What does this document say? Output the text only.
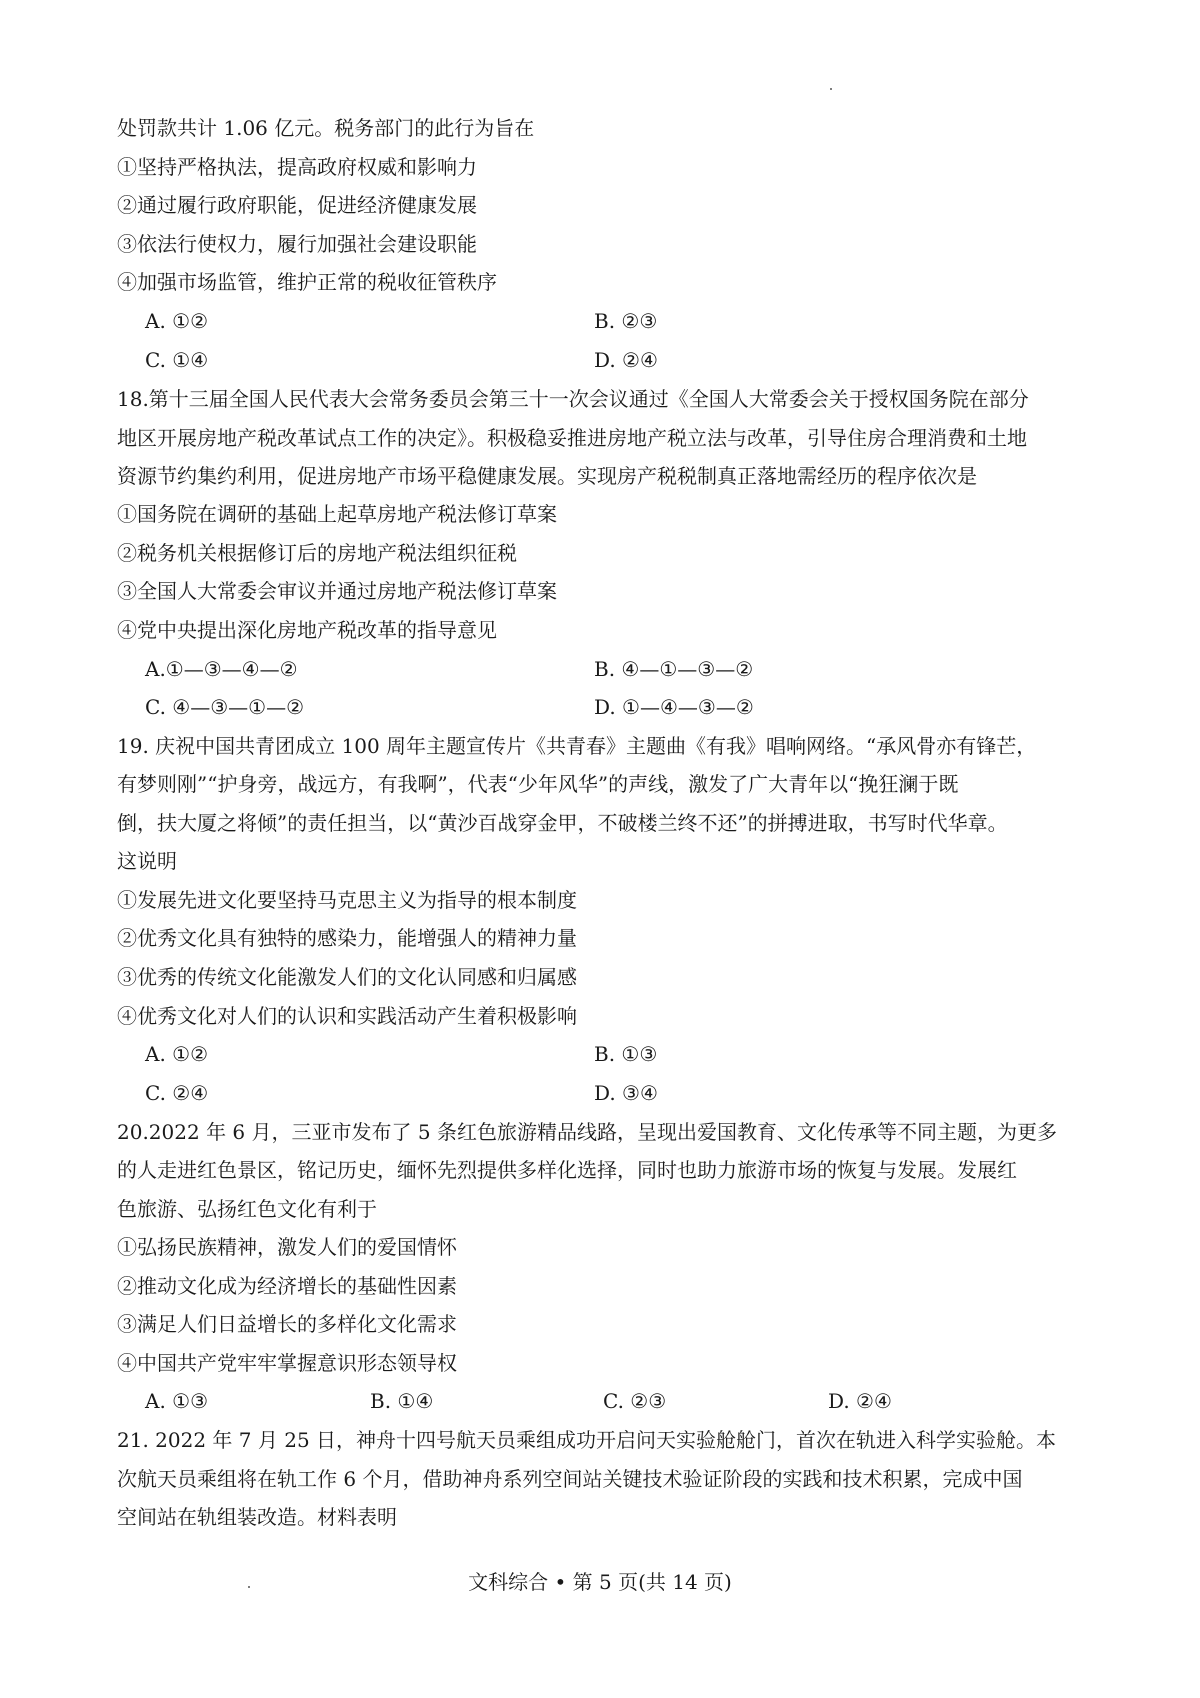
处罚款共计 1.06 亿元。税务部门的此行为旨在
①坚持严格执法，提高政府权威和影响力
②通过履行政府职能，促进经济健康发展
③依法行使权力，履行加强社会建设职能
④加强市场监管，维护正常的税收征管秩序
A. ①②	B. ②③
C. ①④	D. ②④
18.第十三届全国人民代表大会常务委员会第三十一次会议通过《全国人大常委会关于授权国务院在部分
地区开展房地产税改革试点工作的决定》。积极稳妥推进房地产税立法与改革，引导住房合理消费和土地
资源节约集约利用，促进房地产市场平稳健康发展。实现房产税税制真正落地需经历的程序依次是
①国务院在调研的基础上起草房地产税法修订草案
②税务机关根据修订后的房地产税法组织征税
③全国人大常委会审议并通过房地产税法修订草案
④党中央提出深化房地产税改革的指导意见
A.①—③—④—②	B. ④—①—③—②
C. ④—③—①—②	D. ①—④—③—②
19. 庆祝中国共青团成立 100 周年主题宣传片《共青春》主题曲《有我》唱响网络。“承风骨亦有锋芒，
有梦则刚”“护身旁，战远方，有我啊”，代表“少年风华”的声线，激发了广大青年以“挽狂澜于既
倒，扶大厦之将倾”的责任担当，以“黄沙百战穿金甲，不破楼兰终不还”的拼搏进取，书写时代华章。
这说明
①发展先进文化要坚持马克思主义为指导的根本制度
②优秀文化具有独特的感染力，能增强人的精神力量
③优秀的传统文化能激发人们的文化认同感和归属感
④优秀文化对人们的认识和实践活动产生着积极影响
A. ①②	B. ①③
C. ②④	D. ③④
20.2022 年 6 月，三亚市发布了 5 条红色旅游精品线路，呈现出爱国教育、文化传承等不同主题，为更多
的人走进红色景区，铭记历史，缅怀先烈提供多样化选择，同时也助力旅游市场的恢复与发展。发展红
色旅游、弘扬红色文化有利于
①弘扬民族精神，激发人们的爱国情怀
②推动文化成为经济增长的基础性因素
③满足人们日益增长的多样化文化需求
④中国共产党牢牢掌握意识形态领导权
A. ①③	B. ①④	C. ②③	D. ②④
21. 2022 年 7 月 25 日，神舟十四号航天员乘组成功开启问天实验舱舱门，首次在轨进入科学实验舱。本
次航天员乘组将在轨工作 6 个月，借助神舟系列空间站关键技术验证阶段的实践和技术积累，完成中国
空间站在轨组装改造。材料表明
文科综合 • 第 5 页(共 14 页)
